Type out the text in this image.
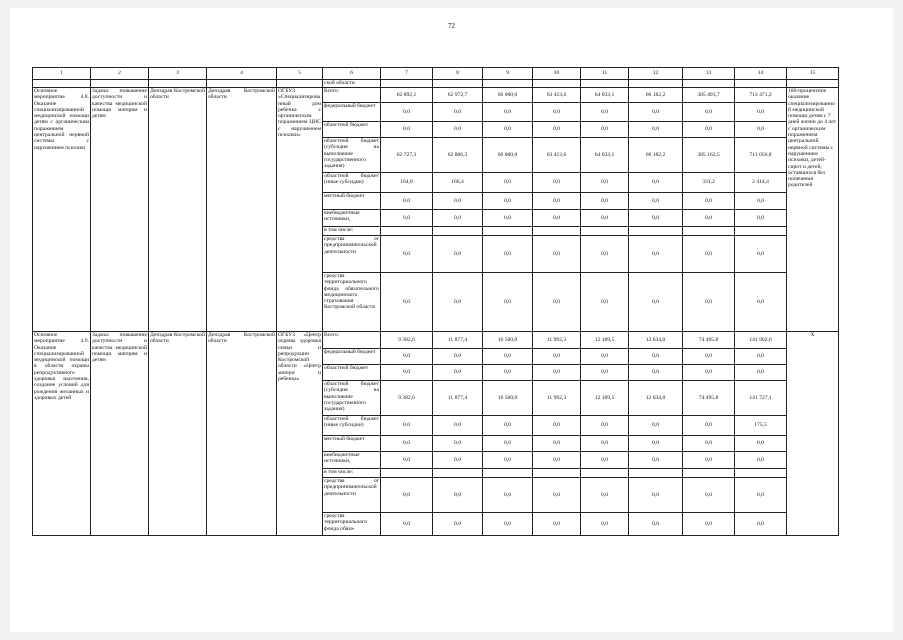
72
1	2	3	4	5	6	7	8	9	10	11	12	13	14	15
					ской области									
Основное мероприятие 4.8. Оказание специализированной медицинской помощи детям с органическим поражением центральной нервной системы с нарушением психики	Задача: повышение доступности и качества медицинской помощи матерям и детям	Депздрав Костромской области	Депздрав Костромской области	ОГБУЗ «Специализированный дом ребенка с органическим поражением ЦНС с нарушением психики»	Всего:	62 892,1	62 972,7	66 000,0	63 413,6	64 033,1	66 182,2	385 493,7	713 471,2	100-процентное оказание специализированной медицинской помощи детям с 7 дней жизни до 4 лет с органическим поражением центральной нервной системы с нарушением психики, детей-сирот и детей, оставшихся без попечения родителей
					федеральный бюджет	0,0	0,0	0,0	0,0	0,0	0,0	0,0	0,0	
					областной бюджет	0,0	0,0	0,0	0,0	0,0	0,0	0,0	0,0	
					областной бюджет (субсидия на выполнение государственного задания)	62 727,3	62 806,3	66 000,0	63 413,6	64 033,1	66 182,2	385 162,5	711 056,8	
					областной бюджет (иные субсидии)	164,8	166,4	0,0	0,0	0,0	0,0	331,2	2 414,4	
					местный бюджет	0,0	0,0	0,0	0,0	0,0	0,0	0,0	0,0	
					внебюджетные источники,	0,0	0,0	0,0	0,0	0,0	0,0	0,0	0,0	
					в том числе:									
					средства от предпринимательской деятельности	0,0	0,0	0,0	0,0	0,0	0,0	0,0	0,0	
					средства территориального фонда обязательного медицинского страхования Костромской области	0,0	0,0	0,0	0,0	0,0	0,0	0,0	0,0	
Основное мероприятие 4.9. Оказание специализированной медицинской помощи в области охраны репродуктивного здоровья населения, создание условий для рождения желанных и здоровых детей	Задача: повышение доступности и качества медицинской помощи матерям и детям	Депздрав Костромской области	Депздрав Костромской области	ОГБУЗ «Центр охраны здоровья семьи и репродукции Костромской области «Центр матери и ребенка»	Всего:	9 382,6	11 877,4	16 500,0	11 992,3	12 109,5	12 634,0	74 495,8	141 902,6	Х
					федеральный бюджет	0,0	0,0	0,0	0,0	0,0	0,0	0,0	0,0	
					областной бюджет	0,0	0,0	0,0	0,0	0,0	0,0	0,0	0,0	
					областной бюджет (субсидия на выполнение государственного задания)	9 382,6	11 877,4	16 500,0	11 992,3	12 109,5	12 634,0	74 495,8	141 727,1	
					областной бюджет (иные субсидии)	0,0	0,0	0,0	0,0	0,0	0,0	0,0	175,5	
					местный бюджет	0,0	0,0	0,0	0,0	0,0	0,0	0,0	0,0	
					внебюджетные источники,	0,0	0,0	0,0	0,0	0,0	0,0	0,0	0,0	
					в том числе:									
					средства от предпринимательской деятельности	0,0	0,0	0,0	0,0	0,0	0,0	0,0	0,0	
					средства территориального фонда обяза-	0,0	0,0	0,0	0,0	0,0	0,0	0,0	0,0	
